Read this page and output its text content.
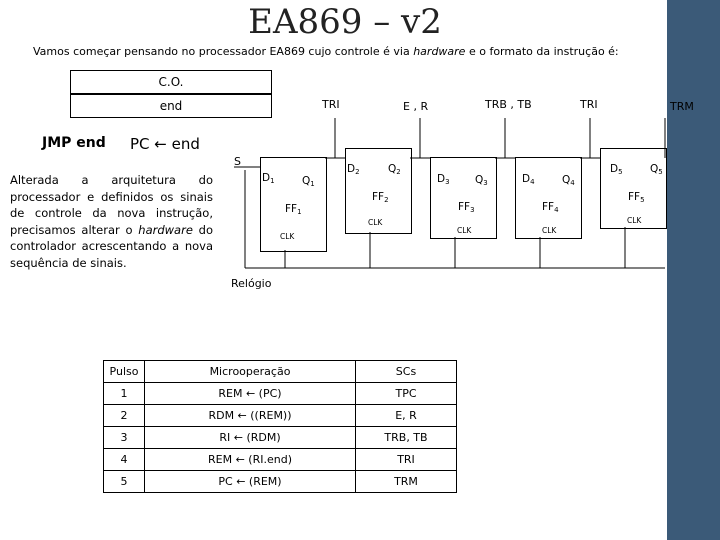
EA869 – v2
Vamos começar pensando no processador EA869 cujo controle é via hardware e o formato da instrução é:
C.O.
end
JMP end PC ← end
Alterada a arquitetura do processador e definidos os sinais de controle da nova instrução, precisamos alterar o hardware do controlador acrescentando a nova sequência de sinais.
S
Relógio
TRI	E , R	TRB , TB	TRI	TRM
D1	Q1
FF1
CLK
D2	Q2
FF2
CLK
D3 Q3
FF3
CLK
D4	Q4
FF4
CLK
D5	Q5
FF5
CLK
Pulso	Microoperação	SCs
1	REM ← (PC)	TPC
2	RDM ← ((REM))	E, R
3	RI ← (RDM)	TRB, TB
4	REM ← (RI.end)	TRI
5	PC ← (REM)	TRM
